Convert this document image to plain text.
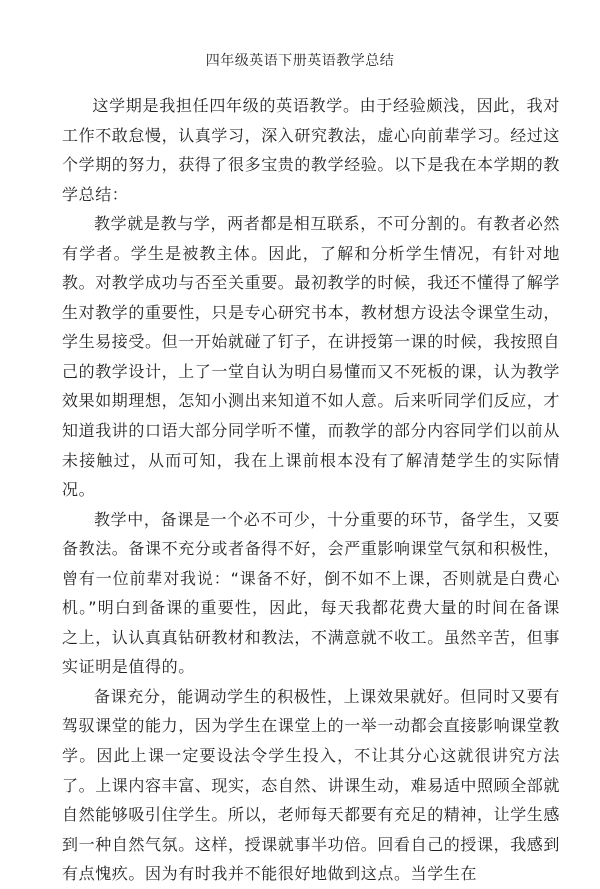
四年级英语下册英语教学总结

这学期是我担任四年级的英语教学。由于经验颇浅，因此，我对工作不敢怠慢，认真学习，深入研究教法，虚心向前辈学习。经过这个学期的努力，获得了很多宝贵的教学经验。以下是我在本学期的教学总结：

教学就是教与学，两者都是相互联系，不可分割的。有教者必然有学者。学生是被教主体。因此，了解和分析学生情况，有针对地教。对教学成功与否至关重要。最初教学的时候，我还不懂得了解学生对教学的重要性，只是专心研究书本，教材想方设法令课堂生动，学生易接受。但一开始就碰了钉子，在讲授第一课的时候，我按照自己的教学设计，上了一堂自认为明白易懂而又不死板的课，认为教学效果如期理想，怎知小测出来知道不如人意。后来听同学们反应，才知道我讲的口语大部分同学听不懂，而教学的部分内容同学们以前从未接触过，从而可知，我在上课前根本没有了解清楚学生的实际情况。

教学中，备课是一个必不可少，十分重要的环节，备学生，又要备教法。备课不充分或者备得不好，会严重影响课堂气氛和积极性，曾有一位前辈对我说：“课备不好，倒不如不上课，否则就是白费心机。”明白到备课的重要性，因此，每天我都花费大量的时间在备课之上，认认真真钻研教材和教法，不满意就不收工。虽然辛苦，但事实证明是值得的。

备课充分，能调动学生的积极性，上课效果就好。但同时又要有驾驭课堂的能力，因为学生在课堂上的一举一动都会直接影响课堂教学。因此上课一定要设法令学生投入，不让其分心这就很讲究方法了。上课内容丰富、现实，态自然、讲课生动，难易适中照顾全部就自然能够吸引住学生。所以，老师每天都要有充足的精神，让学生感到一种自然气氛。这样，授课就事半功倍。回看自己的授课，我感到有点愧疚。因为有时我并不能很好地做到这点。当学生在
